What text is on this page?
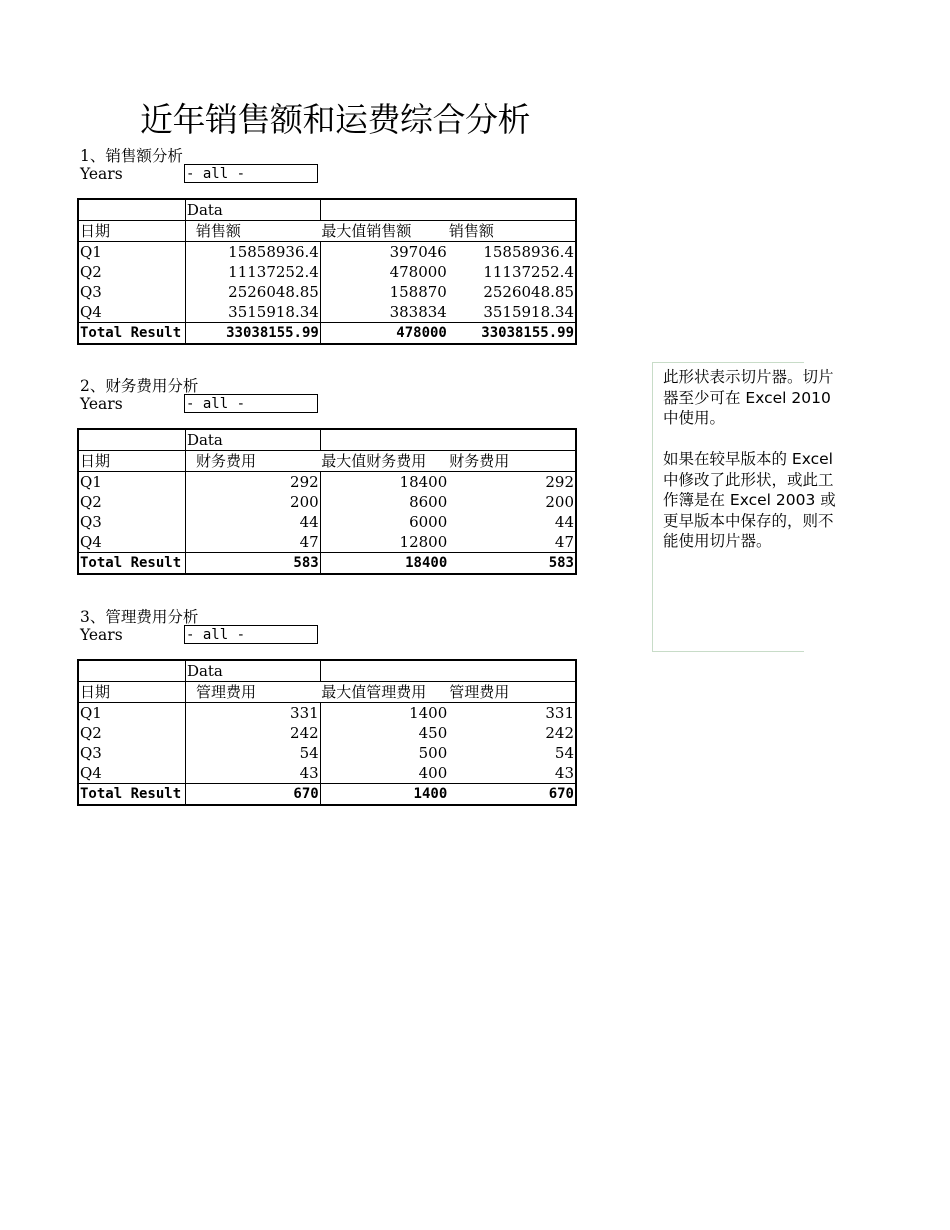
近年销售额和运费综合分析
1、销售额分析
Years	- all -
	Data		
日期	销售额	最大值销售额	销售额
Q1	15858936.4	397046	15858936.4
Q2	11137252.4	478000	11137252.4
Q3	2526048.85	158870	2526048.85
Q4	3515918.34	383834	3515918.34
Total Result	33038155.99	478000	33038155.99
2、财务费用分析
Years	- all -
	Data		
日期	财务费用	最大值财务费用	财务费用
Q1	292	18400	292
Q2	200	8600	200
Q3	44	6000	44
Q4	47	12800	47
Total Result	583	18400	583
3、管理费用分析
Years	- all -
	Data		
日期	管理费用	最大值管理费用	管理费用
Q1	331	1400	331
Q2	242	450	242
Q3	54	500	54
Q4	43	400	43
Total Result	670	1400	670
此形状表示切片器。切片器至少可在 Excel 2010 中使用。

如果在较早版本的 Excel 中修改了此形状，或此工作簿是在 Excel 2003 或更早版本中保存的，则不能使用切片器。
